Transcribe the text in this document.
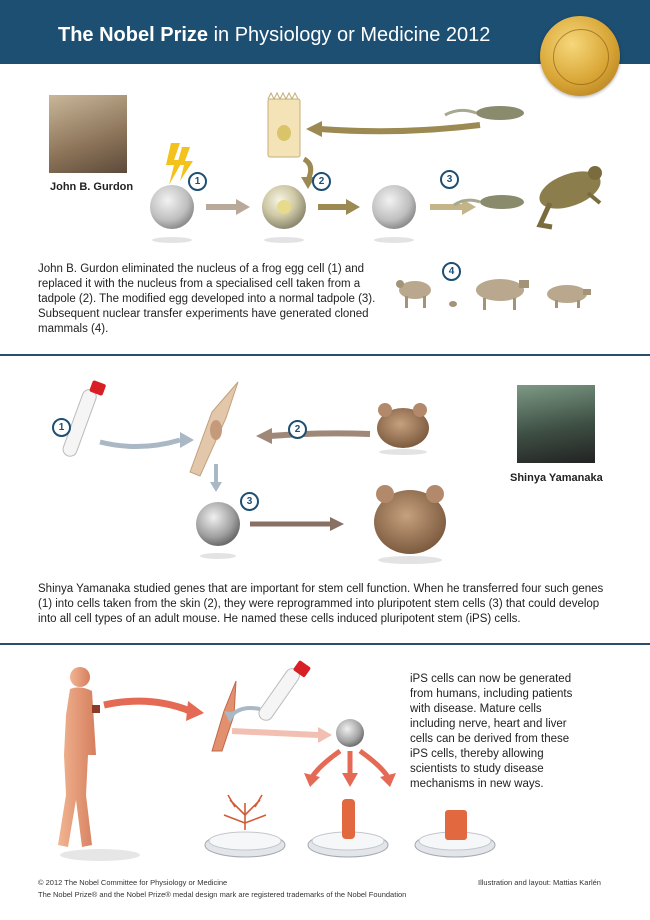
The Nobel Prize in Physiology or Medicine 2012
John B. Gurdon	1	2	3
4
John B. Gurdon eliminated the nucleus of a frog egg cell (1) and replaced it with the nucleus from a specialised cell taken from a tadpole (2). The modified egg developed into a normal tadpole (3). Subsequent nuclear transfer experiments have generated cloned mammals (4).
1	2
3
Shinya Yamanaka
Shinya Yamanaka studied genes that are important for stem cell function. When he transferred four such genes (1) into cells taken from the skin (2), they were reprogrammed into pluripotent stem cells (3) that could develop into all cell types of an adult mouse. He named these cells induced pluripotent stem (iPS) cells.
iPS cells can now be generated from humans, including patients with disease. Mature cells including nerve, heart and liver cells can be derived from these iPS cells, thereby allowing scientists to study disease mechanisms in new ways.
© 2012 The Nobel Committee for Physiology or Medicine
The Nobel Prize® and the Nobel Prize® medal design mark are registered trademarks of the Nobel Foundation
Illustration and layout: Mattias Karlén
